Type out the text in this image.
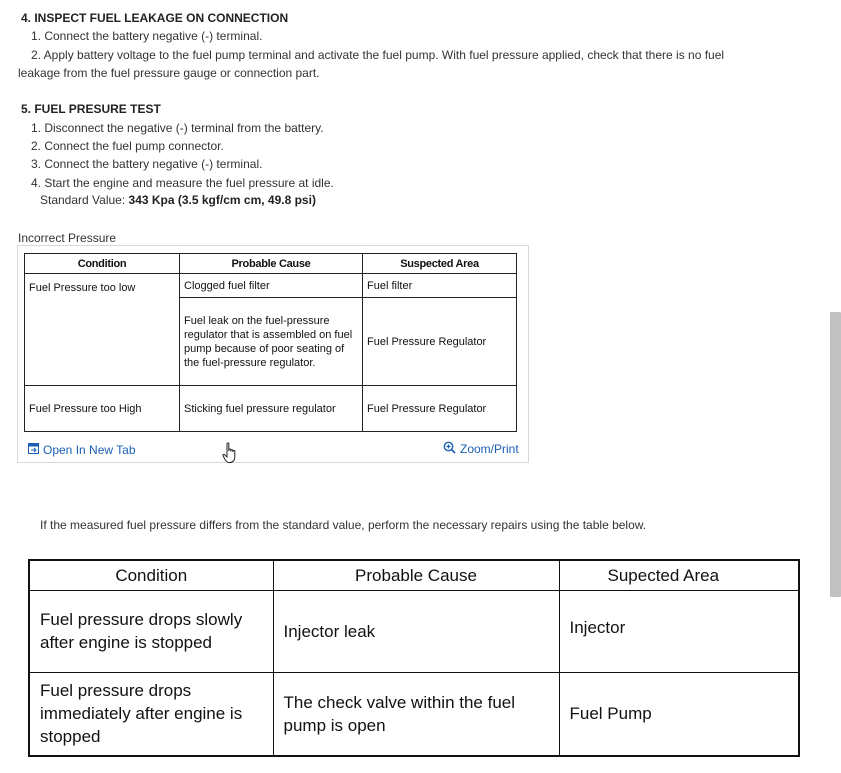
4. INSPECT FUEL LEAKAGE ON CONNECTION

1. Connect the battery negative (-) terminal.

2. Apply battery voltage to the fuel pump terminal and activate the fuel pump. With fuel pressure applied, check that there is no fuel

leakage from the fuel pressure gauge or connection part.

5. FUEL PRESURE TEST

1. Disconnect the negative (-) terminal from the battery.

2. Connect the fuel pump connector.

3. Connect the battery negative (-) terminal.

4. Start the engine and measure the fuel pressure at idle.

Standard Value: 343 Kpa (3.5 kgf/cm cm, 49.8 psi)

Incorrect Pressure

Condition	Probable Cause	Suspected Area
Fuel Pressure too low	Clogged fuel filter	Fuel filter
	Fuel leak on the fuel-pressure regulator that is assembled on fuel pump because of poor seating of the fuel-pressure regulator.	Fuel Pressure Regulator
Fuel Pressure too High	Sticking fuel pressure regulator	Fuel Pressure Regulator
Open In New Tab	Zoom/Print

If the measured fuel pressure differs from the standard value, perform the necessary repairs using the table below.

Condition	Probable Cause	Supected Area
Fuel pressure drops slowly after engine is stopped	Injector leak	Injector
Fuel pressure drops immediately after engine is stopped	The check valve within the fuel pump is open	Fuel Pump
